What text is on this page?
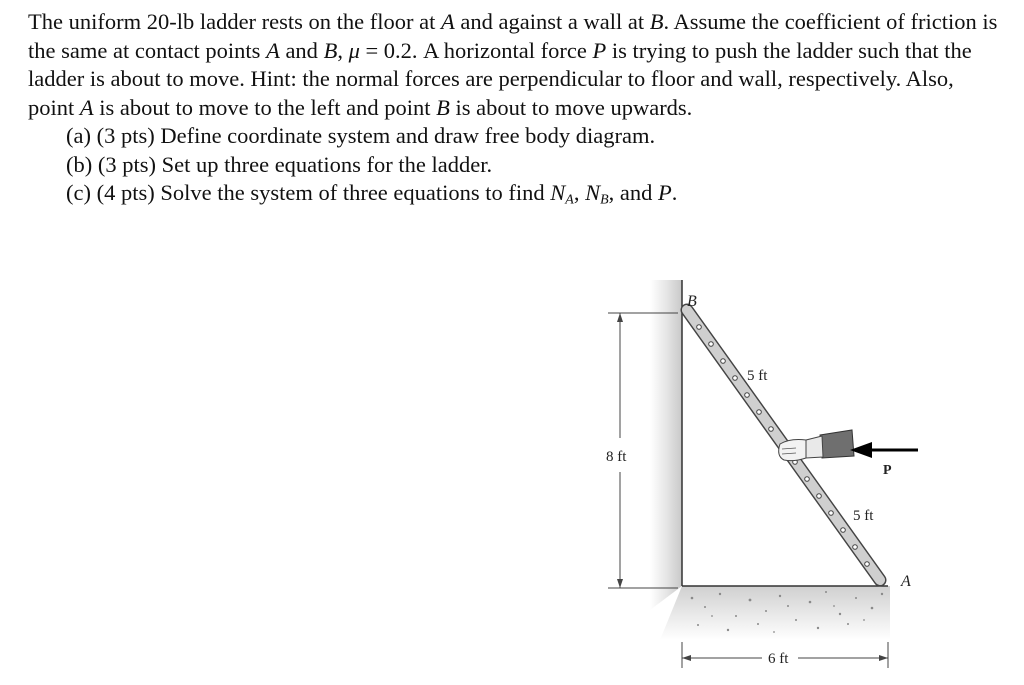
The uniform 20-lb ladder rests on the floor at A and against a wall at B. Assume the coefficient of friction is the same at contact points A and B, μ = 0.2. A horizontal force P is trying to push the ladder such that the ladder is about to move. Hint: the normal forces are perpendicular to floor and wall, respectively. Also, point A is about to move to the left and point B is about to move upwards.

(a) (3 pts) Define coordinate system and draw free body diagram.
(b) (3 pts) Set up three equations for the ladder.
(c) (4 pts) Solve the system of three equations to find $N_A$, $N_B$, and P.
P
B
A
8 ft
5 ft
5 ft
6 ft
